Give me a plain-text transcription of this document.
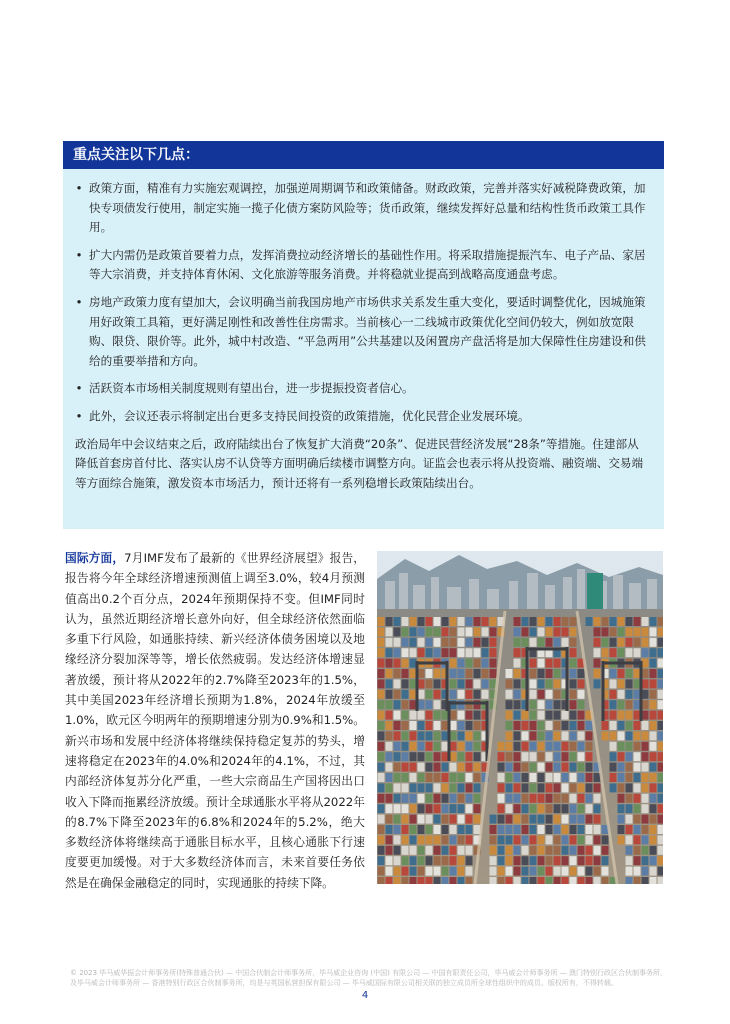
重点关注以下几点：
• 政策方面，精准有力实施宏观调控，加强逆周期调节和政策储备。财政政策，完善并落实好减税降费政策，加快专项债发行使用，制定实施一揽子化债方案防风险等；货币政策，继续发挥好总量和结构性货币政策工具作用。
• 扩大内需仍是政策首要着力点，发挥消费拉动经济增长的基础性作用。将采取措施提振汽车、电子产品、家居等大宗消费，并支持体育休闲、文化旅游等服务消费。并将稳就业提高到战略高度通盘考虑。
• 房地产政策力度有望加大，会议明确当前我国房地产市场供求关系发生重大变化，要适时调整优化，因城施策用好政策工具箱，更好满足刚性和改善性住房需求。当前核心一二线城市政策优化空间仍较大，例如放宽限购、限贷、限价等。此外，城中村改造、“平急两用”公共基建以及闲置房产盘活将是加大保障性住房建设和供给的重要举措和方向。
• 活跃资本市场相关制度规则有望出台，进一步提振投资者信心。
• 此外，会议还表示将制定出台更多支持民间投资的政策措施，优化民营企业发展环境。

政治局年中会议结束之后，政府陆续出台了恢复扩大消费“20条”、促进民营经济发展“28条”等措施。住建部从降低首套房首付比、落实认房不认贷等方面明确后续楼市调整方向。证监会也表示将从投资端、融资端、交易端等方面综合施策，激发资本市场活力，预计还将有一系列稳增长政策陆续出台。

国际方面，7月IMF发布了最新的《世界经济展望》报告，报告将今年全球经济增速预测值上调至3.0%，较4月预测值高出0.2个百分点，2024年预期保持不变。但IMF同时认为，虽然近期经济增长意外向好，但全球经济依然面临多重下行风险，如通胀持续、新兴经济体债务困境以及地缘经济分裂加深等等，增长依然疲弱。发达经济体增速显著放缓，预计将从2022年的2.7%降至2023年的1.5%，其中美国2023年经济增长预期为1.8%，2024年放缓至1.0%，欧元区今明两年的预期增速分别为0.9%和1.5%。新兴市场和发展中经济体将继续保持稳定复苏的势头，增速将稳定在2023年的4.0%和2024年的4.1%，不过，其内部经济体复苏分化严重，一些大宗商品生产国将因出口收入下降而拖累经济放缓。预计全球通胀水平将从2022年的8.7%下降至2023年的6.8%和2024年的5.2%，绝大多数经济体将继续高于通胀目标水平，且核心通胀下行速度要更加缓慢。对于大多数经济体而言，未来首要任务依然是在确保金融稳定的同时，实现通胀的持续下降。
© 2023 毕马威华振会计师事务所(特殊普通合伙) — 中国合伙制会计师事务所，毕马威企业咨询 (中国) 有限公司 — 中国有限责任公司，毕马威会计师事务所 — 澳门特别行政区合伙制事务所，
及毕马威会计师事务所 — 香港特别行政区合伙制事务所，均是与英国私营担保有限公司 — 毕马威国际有限公司相关联的独立成员所全球性组织中的成员。版权所有，不得转载。
4
